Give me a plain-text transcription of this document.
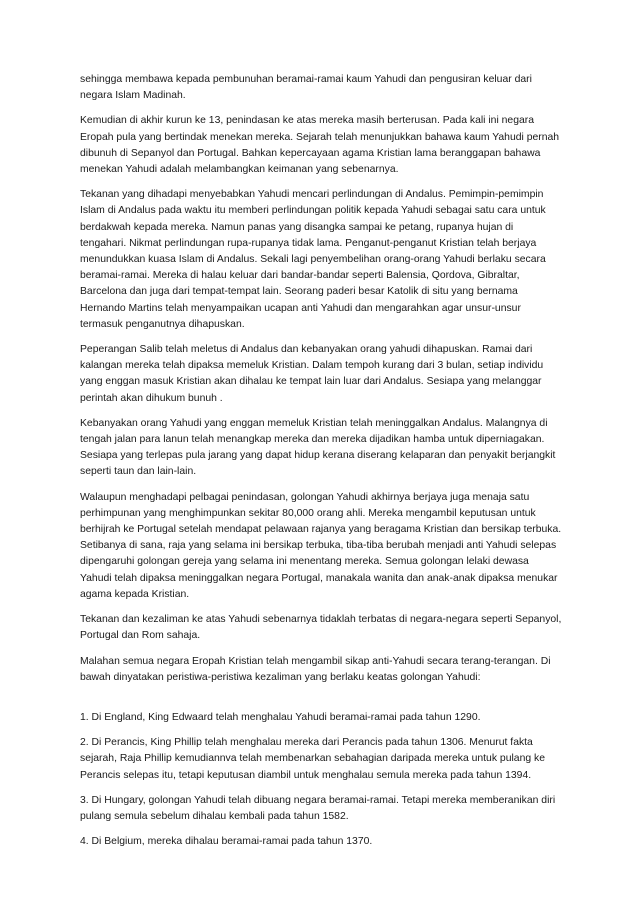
sehingga membawa kepada pembunuhan beramai-ramai kaum Yahudi dan pengusiran keluar dari negara Islam Madinah.

Kemudian di akhir kurun ke 13, penindasan ke atas mereka masih berterusan. Pada kali ini negara Eropah pula yang bertindak menekan mereka. Sejarah telah menunjukkan bahawa kaum Yahudi pernah dibunuh di Sepanyol dan Portugal. Bahkan kepercayaan agama Kristian lama beranggapan bahawa menekan Yahudi adalah melambangkan keimanan yang sebenarnya.

Tekanan yang dihadapi menyebabkan Yahudi mencari perlindungan di Andalus. Pemimpin-pemimpin Islam di Andalus pada waktu itu memberi perlindungan politik kepada Yahudi sebagai satu cara untuk berdakwah kepada mereka. Namun panas yang disangka sampai ke petang, rupanya hujan di tengahari. Nikmat perlindungan rupa-rupanya tidak lama. Penganut-penganut Kristian telah berjaya menundukkan kuasa Islam di Andalus. Sekali lagi penyembelihan orang-orang Yahudi berlaku secara beramai-ramai. Mereka di halau keluar dari bandar-bandar seperti Balensia, Qordova, Gibraltar, Barcelona dan juga dari tempat-tempat lain. Seorang paderi besar Katolik di situ yang bernama Hernando Martins telah menyampaikan ucapan anti Yahudi dan mengarahkan agar unsur-unsur termasuk penganutnya dihapuskan.

Peperangan Salib telah meletus di Andalus dan kebanyakan orang yahudi dihapuskan. Ramai dari kalangan mereka telah dipaksa memeluk Kristian. Dalam tempoh kurang dari 3 bulan, setiap individu yang enggan masuk Kristian akan dihalau ke tempat lain luar dari Andalus. Sesiapa yang melanggar perintah akan dihukum bunuh .

Kebanyakan orang Yahudi yang enggan memeluk Kristian telah meninggalkan Andalus. Malangnya di tengah jalan para lanun telah menangkap mereka dan mereka dijadikan hamba untuk diperniagakan. Sesiapa yang terlepas pula jarang yang dapat hidup kerana diserang kelaparan dan penyakit berjangkit seperti taun dan lain-lain.

Walaupun menghadapi pelbagai penindasan, golongan Yahudi akhirnya berjaya juga menaja satu perhimpunan yang menghimpunkan sekitar 80,000 orang ahli. Mereka mengambil keputusan untuk berhijrah ke Portugal setelah mendapat pelawaan rajanya yang beragama Kristian dan bersikap terbuka. Setibanya di sana, raja yang selama ini bersikap terbuka, tiba-tiba berubah menjadi anti Yahudi selepas dipengaruhi golongan gereja yang selama ini menentang mereka. Semua golongan lelaki dewasa Yahudi telah dipaksa meninggalkan negara Portugal, manakala wanita dan anak-anak dipaksa menukar agama kepada Kristian.

Tekanan dan kezaliman ke atas Yahudi sebenarnya tidaklah terbatas di negara-negara seperti Sepanyol, Portugal dan Rom sahaja.

Malahan semua negara Eropah Kristian telah mengambil sikap anti-Yahudi secara terang-terangan. Di bawah dinyatakan peristiwa-peristiwa kezaliman yang berlaku keatas golongan Yahudi:

1. Di England, King Edwaard telah menghalau Yahudi beramai-ramai pada tahun 1290.

2. Di Perancis, King Phillip telah menghalau mereka dari Perancis pada tahun 1306. Menurut fakta sejarah, Raja Phillip kemudiannva telah membenarkan sebahagian daripada mereka untuk pulang ke Perancis selepas itu, tetapi keputusan diambil untuk menghalau semula mereka pada tahun 1394.

3. Di Hungary, golongan Yahudi telah dibuang negara beramai-ramai. Tetapi mereka memberanikan diri pulang semula sebelum dihalau kembali pada tahun 1582.

4. Di Belgium, mereka dihalau beramai-ramai pada tahun 1370.
